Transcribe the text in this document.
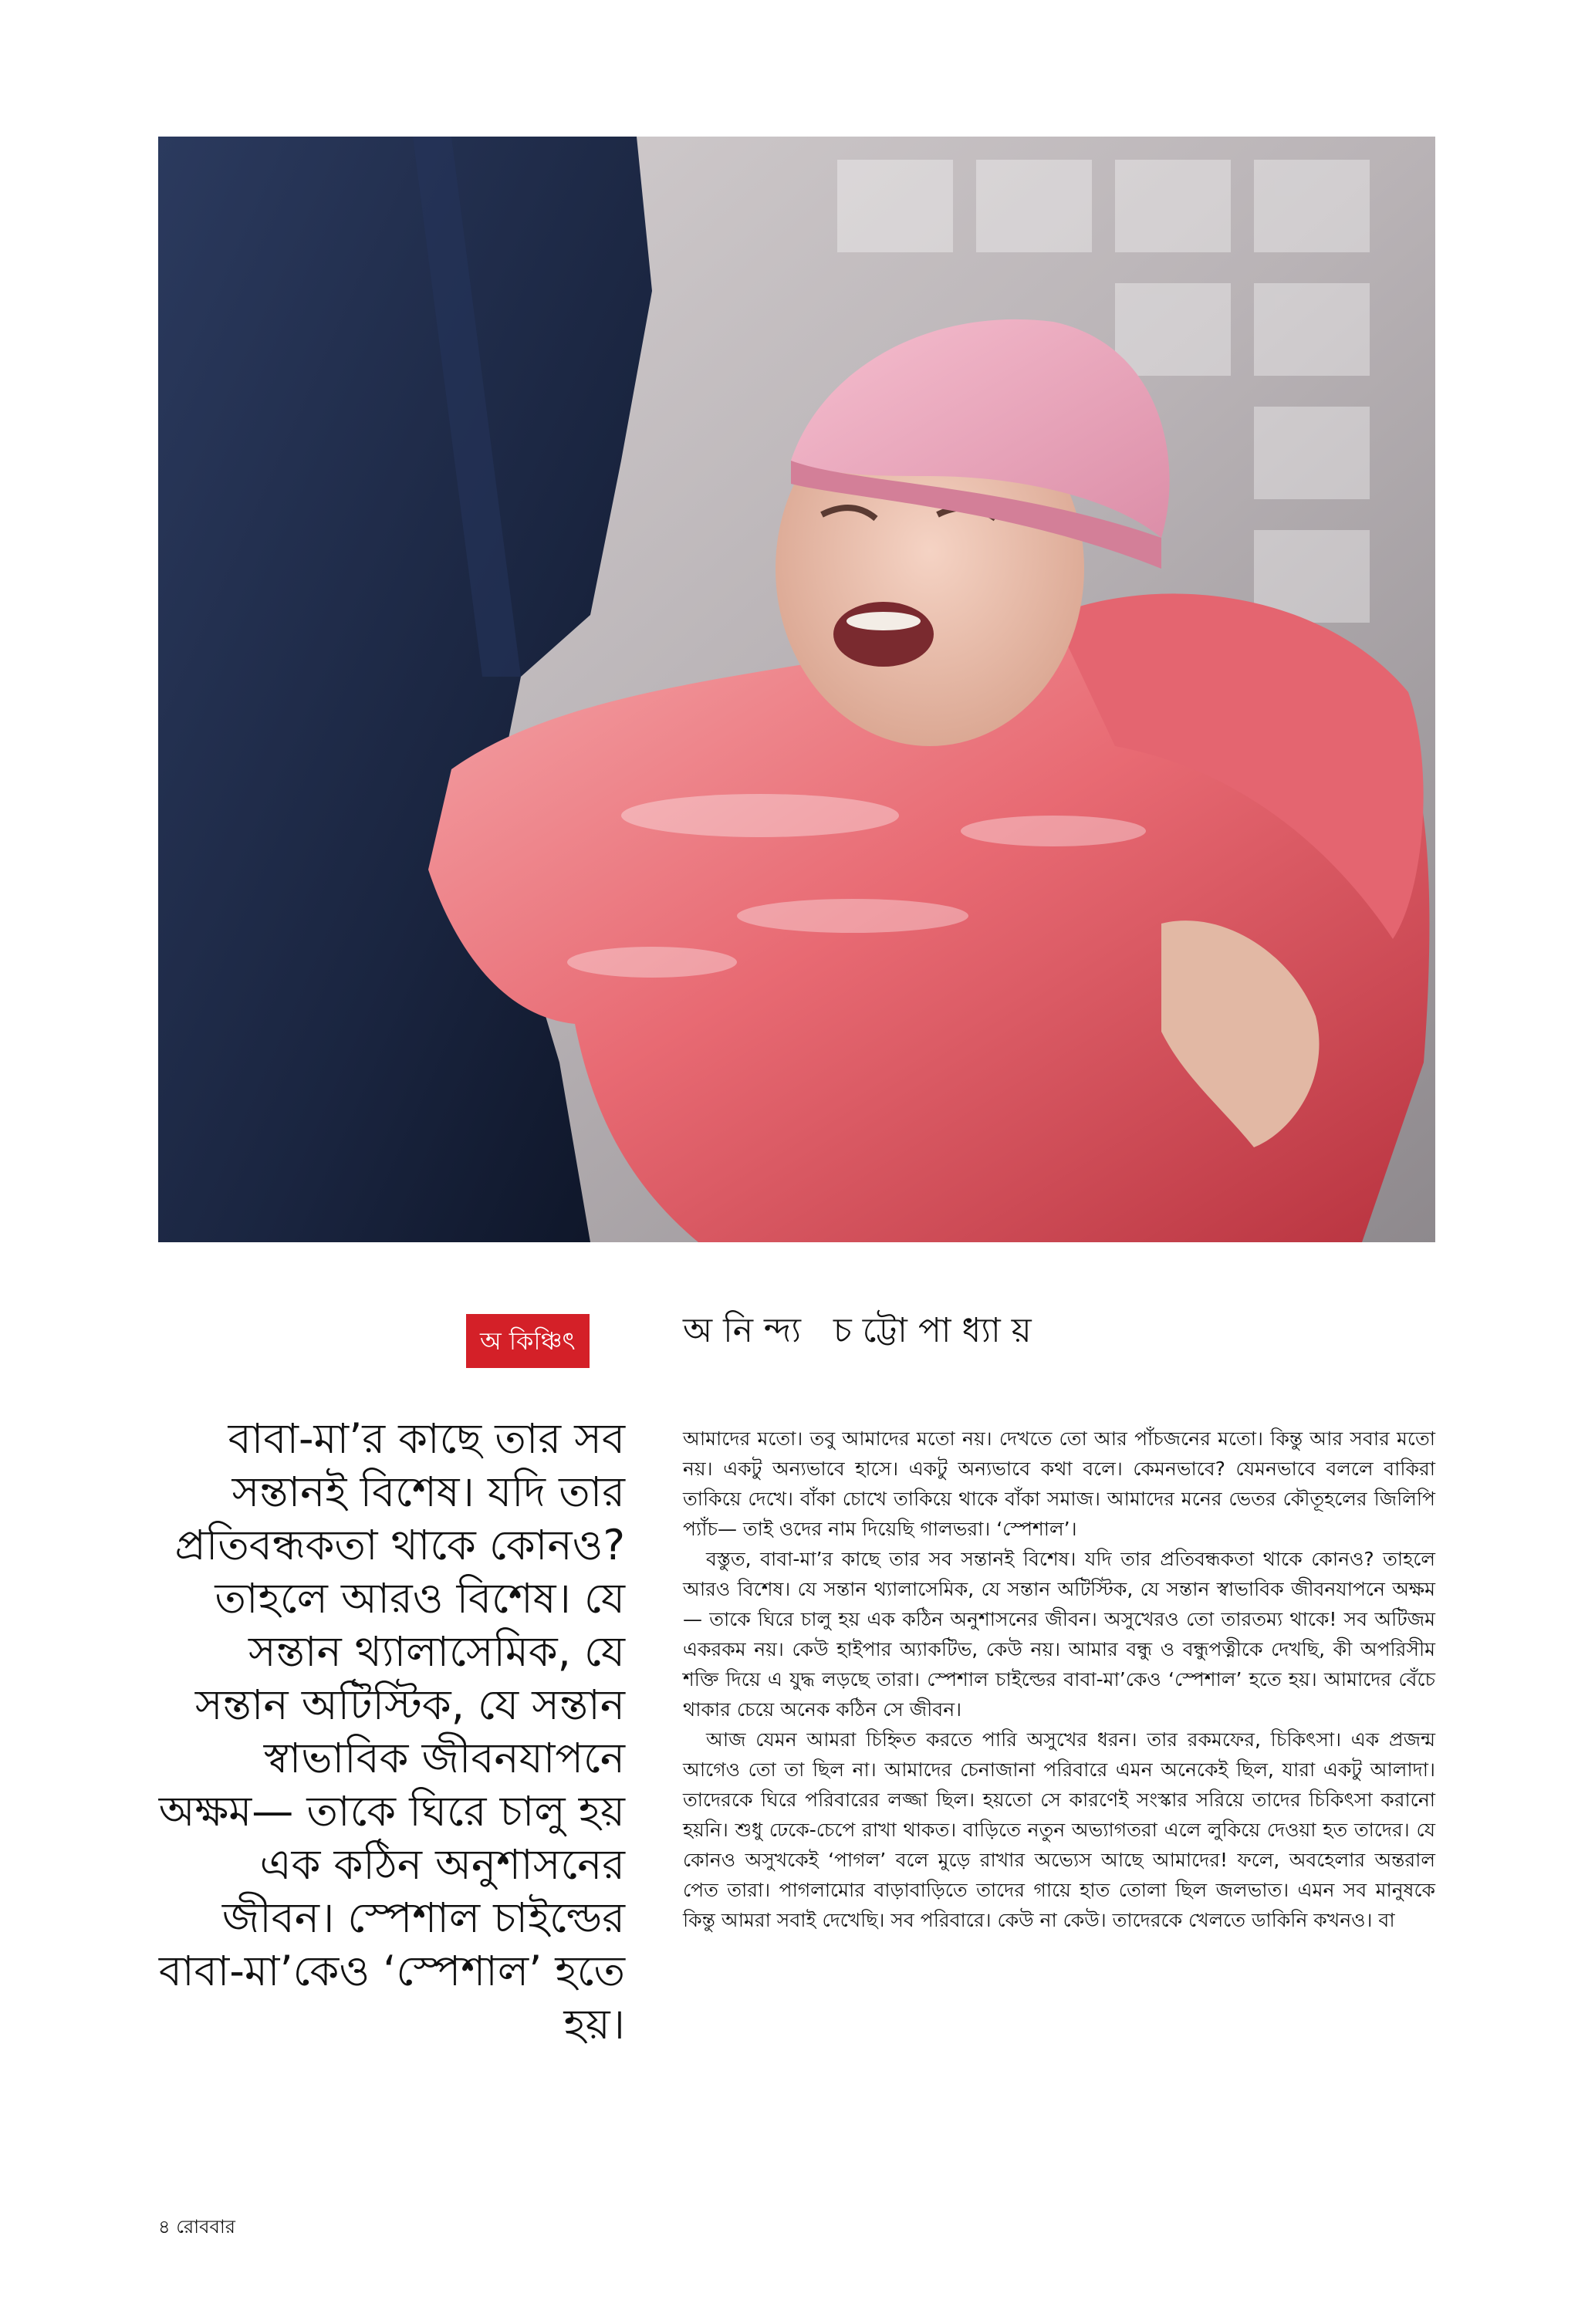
অ কিঞ্চিৎ	অনিন্দ্য চট্টোপাধ্যায়
বাবা-মা’র কাছে তার সব সন্তানই বিশেষ। যদি তার প্রতিবন্ধকতা থাকে কোনও? তাহলে আরও বিশেষ। যে সন্তান থ্যালাসেমিক, যে সন্তান অটিস্টিক, যে সন্তান স্বাভাবিক জীবনযাপনে অক্ষম— তাকে ঘিরে চালু হয় এক কঠিন অনুশাসনের জীবন। স্পেশাল চাইল্ডের বাবা-মা’কেও ‘স্পেশাল’ হতে হয়।

আমাদের মতো। তবু আমাদের মতো নয়। দেখতে তো আর পাঁচজনের মতো। কিন্তু আর সবার মতো নয়। একটু অন্যভাবে হাসে। একটু অন্যভাবে কথা বলে। কেমনভাবে? যেমনভাবে বললে বাকিরা তাকিয়ে দেখে। বাঁকা চোখে তাকিয়ে থাকে বাঁকা সমাজ। আমাদের মনের ভেতর কৌতূহলের জিলিপি প্যাঁচ— তাই ওদের নাম দিয়েছি গালভরা। ‘স্পেশাল’।

বস্তুত, বাবা-মা’র কাছে তার সব সন্তানই বিশেষ। যদি তার প্রতিবন্ধকতা থাকে কোনও? তাহলে আরও বিশেষ। যে সন্তান থ্যালাসেমিক, যে সন্তান অটিস্টিক, যে সন্তান স্বাভাবিক জীবনযাপনে অক্ষম— তাকে ঘিরে চালু হয় এক কঠিন অনুশাসনের জীবন। অসুখেরও তো তারতম্য থাকে! সব অটিজম একরকম নয়। কেউ হাইপার অ্যাকটিভ, কেউ নয়। আমার বন্ধু ও বন্ধুপত্নীকে দেখছি, কী অপরিসীম শক্তি দিয়ে এ যুদ্ধ লড়ছে তারা। স্পেশাল চাইল্ডের বাবা-মা’কেও ‘স্পেশাল’ হতে হয়। আমাদের বেঁচে থাকার চেয়ে অনেক কঠিন সে জীবন।

আজ যেমন আমরা চিহ্নিত করতে পারি অসুখের ধরন। তার রকমফের, চিকিৎসা। এক প্রজন্ম আগেও তো তা ছিল না। আমাদের চেনাজানা পরিবারে এমন অনেকেই ছিল, যারা একটু আলাদা। তাদেরকে ঘিরে পরিবারের লজ্জা ছিল। হয়তো সে কারণেই সংস্কার সরিয়ে তাদের চিকিৎসা করানো হয়নি। শুধু ঢেকে-চেপে রাখা থাকত। বাড়িতে নতুন অভ্যাগতরা এলে লুকিয়ে দেওয়া হত তাদের। যে কোনও অসুখকেই ‘পাগল’ বলে মুড়ে রাখার অভ্যেস আছে আমাদের! ফলে, অবহেলার অন্তরাল পেত তারা। পাগলামোর বাড়াবাড়িতে তাদের গায়ে হাত তোলা ছিল জলভাত। এমন সব মানুষকে কিন্তু আমরা সবাই দেখেছি। সব পরিবারে। কেউ না কেউ। তাদেরকে খেলতে ডাকিনি কখনও। বা

৪ রোববার
